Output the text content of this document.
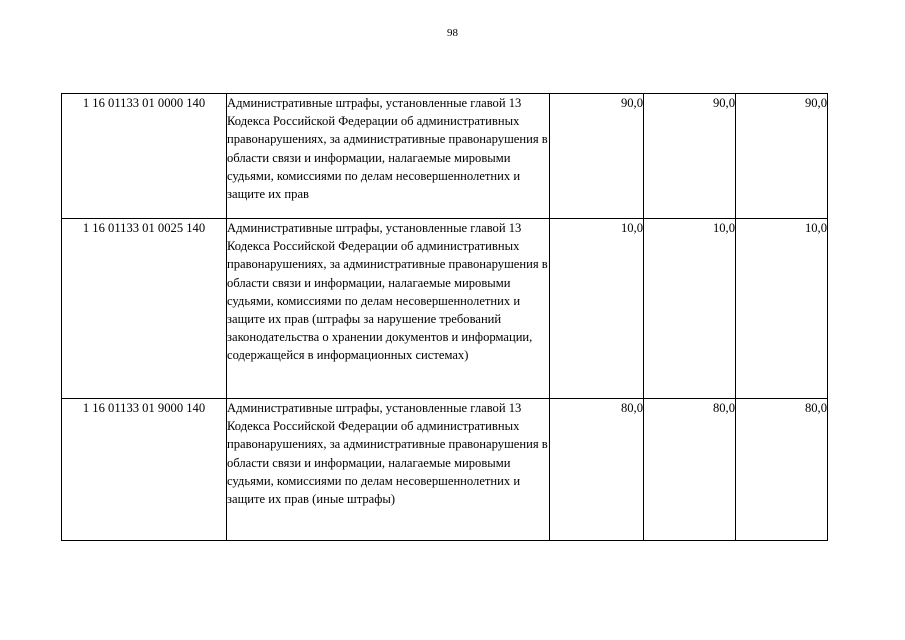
98
1 16 01133 01 0000 140	Административные штрафы, установленные главой 13 Кодекса Российской Федерации об административных правонарушениях, за административные правонарушения в области связи и информации, налагаемые мировыми судьями, комиссиями по делам несовершеннолетних и защите их прав	90,0	90,0	90,0
1 16 01133 01 0025 140	Административные штрафы, установленные главой 13 Кодекса Российской Федерации об административных правонарушениях, за административные правонарушения в области связи и информации, налагаемые мировыми судьями, комиссиями по делам несовершеннолетних и защите их прав (штрафы за нарушение требований законодательства о хранении документов и информации, содержащейся в информационных системах)	10,0	10,0	10,0
1 16 01133 01 9000 140	Административные штрафы, установленные главой 13 Кодекса Российской Федерации об административных правонарушениях, за административные правонарушения в области связи и информации, налагаемые мировыми судьями, комиссиями по делам несовершеннолетних и защите их прав (иные штрафы)	80,0	80,0	80,0
